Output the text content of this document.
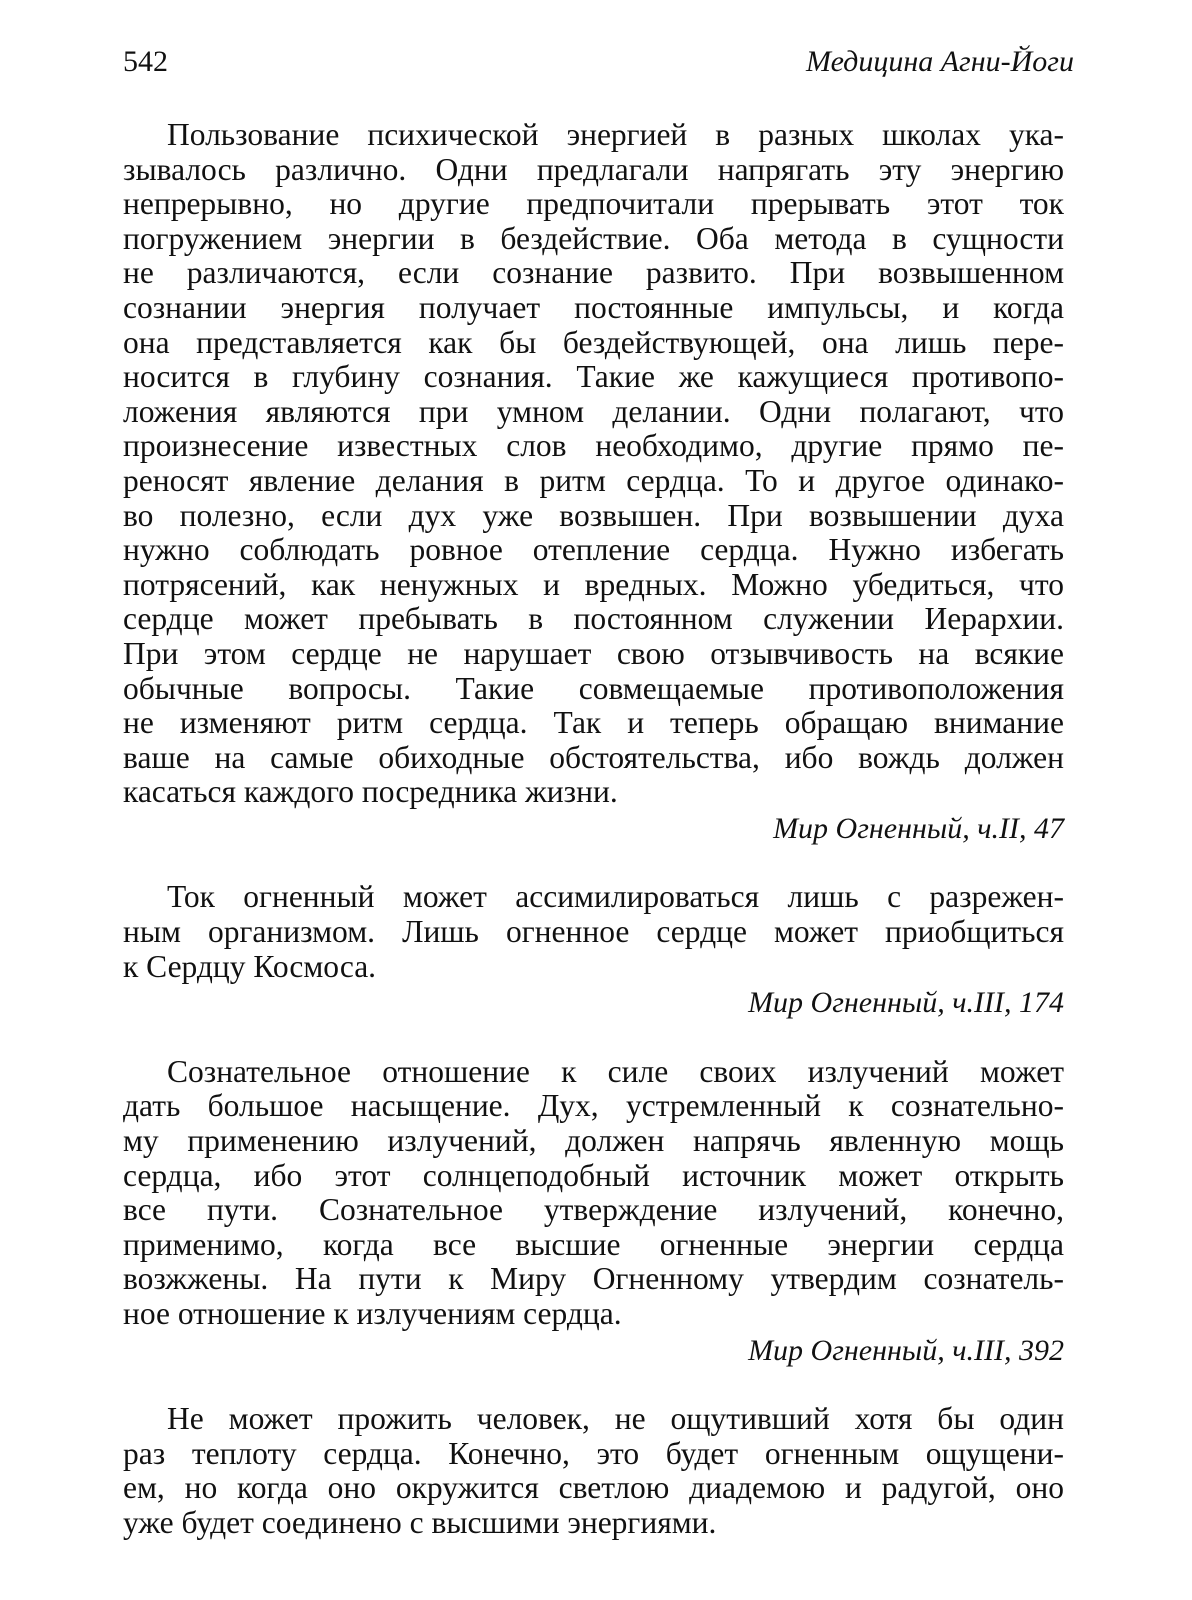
542	Медицина Агни-Йоги
Пользование психической энергией в разных школах ука-
зывалось различно. Одни предлагали напрягать эту энергию
непрерывно, но другие предпочитали прерывать этот ток
погружением энергии в бездействие. Оба метода в сущности
не различаются, если сознание развито. При возвышенном
сознании энергия получает постоянные импульсы, и когда
она представляется как бы бездействующей, она лишь пере-
носится в глубину сознания. Такие же кажущиеся противопо-
ложения являются при умном делании. Одни полагают, что
произнесение известных слов необходимо, другие прямо пе-
реносят явление делания в ритм сердца. То и другое одинако-
во полезно, если дух уже возвышен. При возвышении духа
нужно соблюдать ровное отепление сердца. Нужно избегать
потрясений, как ненужных и вредных. Можно убедиться, что
сердце может пребывать в постоянном служении Иерархии.
При этом сердце не нарушает свою отзывчивость на всякие
обычные вопросы. Такие совмещаемые противоположения
не изменяют ритм сердца. Так и теперь обращаю внимание
ваше на самые обиходные обстоятельства, ибо вождь должен
касаться каждого посредника жизни.
Мир Огненный, ч.II, 47
Ток огненный может ассимилироваться лишь с разрежен-
ным организмом. Лишь огненное сердце может приобщиться
к Сердцу Космоса.
Мир Огненный, ч.III, 174
Сознательное отношение к силе своих излучений может
дать большое насыщение. Дух, устремленный к сознательно-
му применению излучений, должен напрячь явленную мощь
сердца, ибо этот солнцеподобный источник может открыть
все пути. Сознательное утверждение излучений, конечно,
применимо, когда все высшие огненные энергии сердца
возжжены. На пути к Миру Огненному утвердим сознатель-
ное отношение к излучениям сердца.
Мир Огненный, ч.III, 392
Не может прожить человек, не ощутивший хотя бы один
раз теплоту сердца. Конечно, это будет огненным ощущени-
ем, но когда оно окружится светлою диадемою и радугой, оно
уже будет соединено с высшими энергиями.
